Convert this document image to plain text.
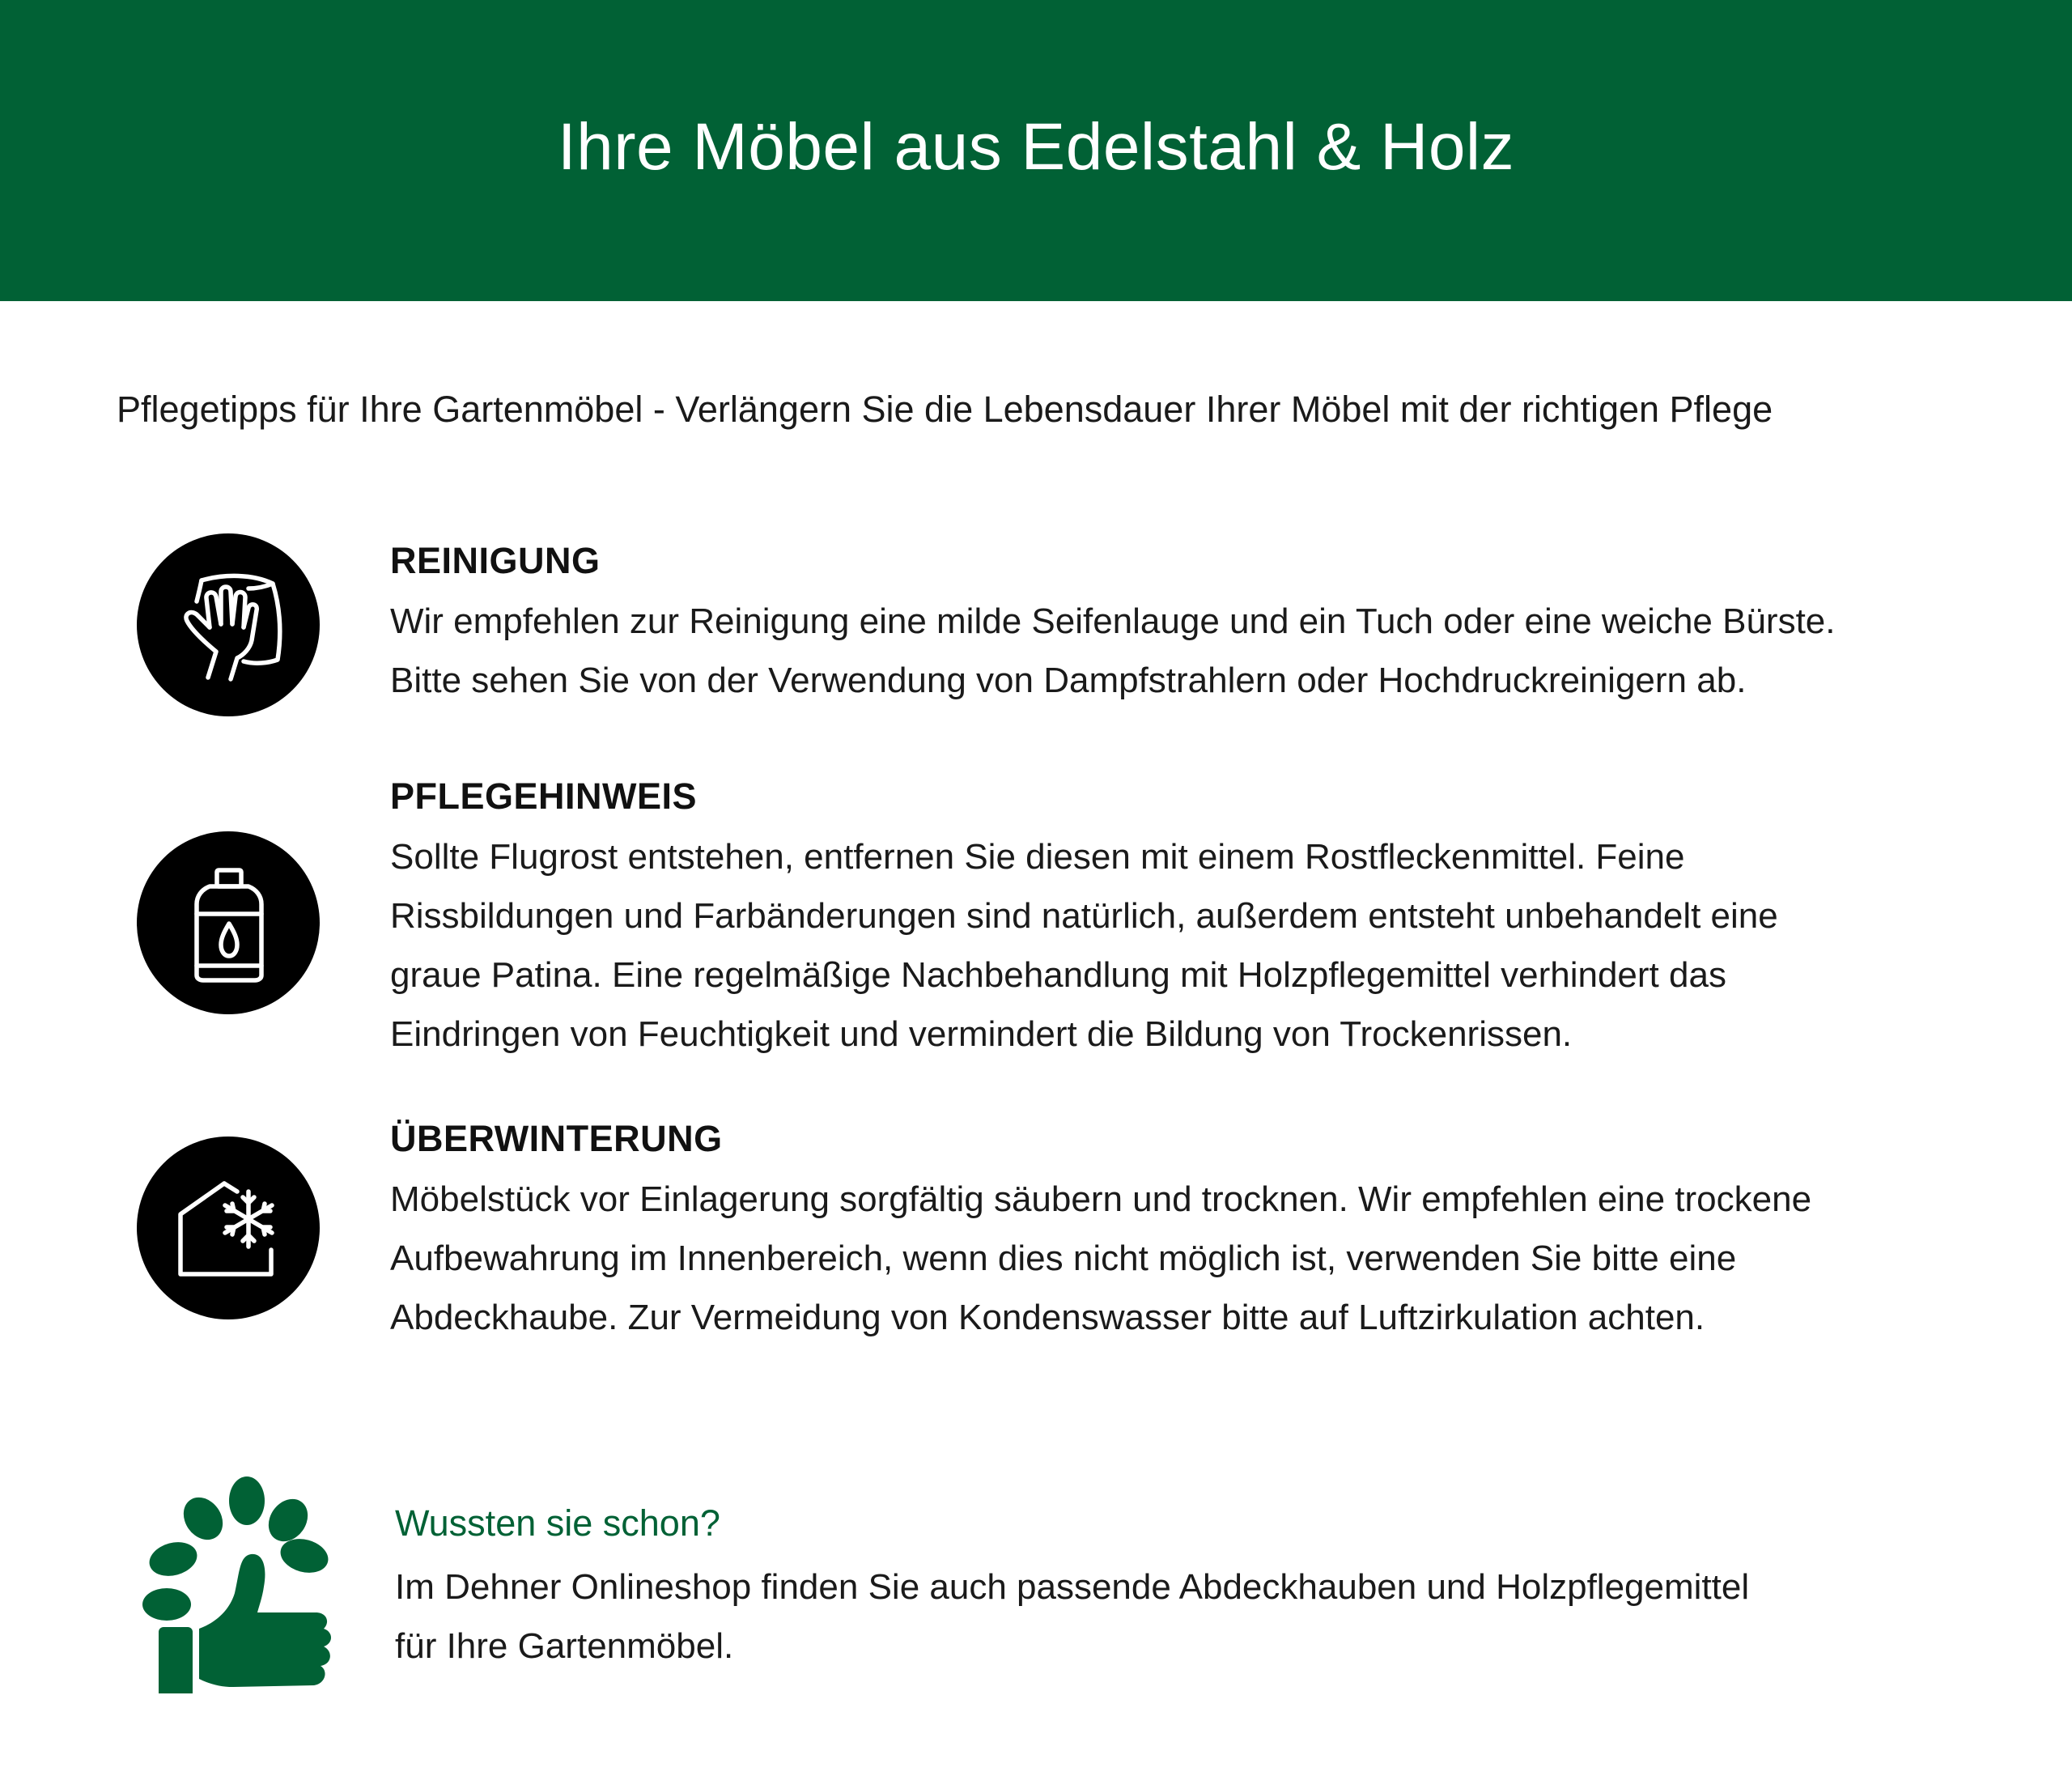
Ihre Möbel aus Edelstahl & Holz
Pflegetipps für Ihre Gartenmöbel - Verlängern Sie die Lebensdauer Ihrer Möbel mit der richtigen Pflege
REINIGUNG

Wir empfehlen zur Reinigung eine milde Seifenlauge und ein Tuch oder eine weiche Bürste.

Bitte sehen Sie von der Verwendung von Dampfstrahlern oder Hochdruckreinigern ab.

PFLEGEHINWEIS

Sollte Flugrost entstehen, entfernen Sie diesen mit einem Rostfleckenmittel. Feine

Rissbildungen und Farbänderungen sind natürlich, außerdem entsteht unbehandelt eine

graue Patina. Eine regelmäßige Nachbehandlung mit Holzpflegemittel verhindert das

Eindringen von Feuchtigkeit und vermindert die Bildung von Trockenrissen.

ÜBERWINTERUNG

Möbelstück vor Einlagerung sorgfältig säubern und trocknen. Wir empfehlen eine trockene

Aufbewahrung im Innenbereich, wenn dies nicht möglich ist, verwenden Sie bitte eine

Abdeckhaube. Zur Vermeidung von Kondenswasser bitte auf Luftzirkulation achten.

Wussten sie schon?

Im Dehner Onlineshop finden Sie auch passende Abdeckhauben und Holzpflegemittel

für Ihre Gartenmöbel.
